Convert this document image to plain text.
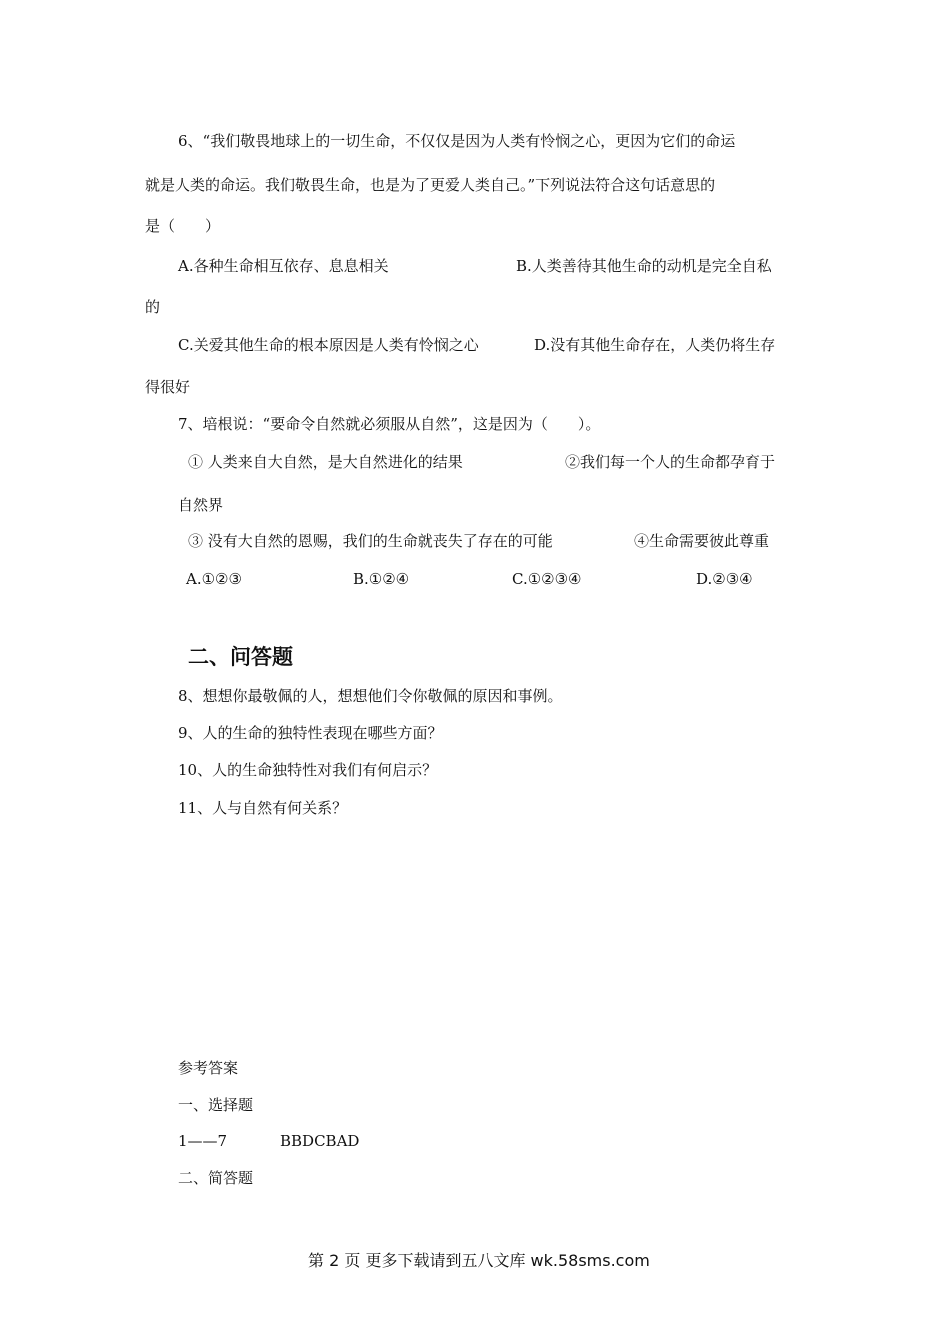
6、“我们敬畏地球上的一切生命，不仅仅是因为人类有怜悯之心，更因为它们的命运
就是人类的命运。我们敬畏生命，也是为了更爱人类自己。”下列说法符合这句话意思的
是（　　）
A.各种生命相互依存、息息相关	B.人类善待其他生命的动机是完全自私
的
C.关爱其他生命的根本原因是人类有怜悯之心	D.没有其他生命存在，人类仍将生存
得很好
7、培根说：“要命令自然就必须服从自然”，这是因为（　　）。
① 人类来自大自然，是大自然进化的结果	②我们每一个人的生命都孕育于
自然界
③ 没有大自然的恩赐，我们的生命就丧失了存在的可能	④生命需要彼此尊重
A.①②③	B.①②④	C.①②③④	D.②③④
二、问答题
8、想想你最敬佩的人，想想他们令你敬佩的原因和事例。
9、人的生命的独特性表现在哪些方面？
10、人的生命独特性对我们有何启示？
11、人与自然有何关系？
参考答案
一、选择题
1——7	BBDCBAD
二、简答题
第 2 页 更多下载请到五八文库 wk.58sms.com
